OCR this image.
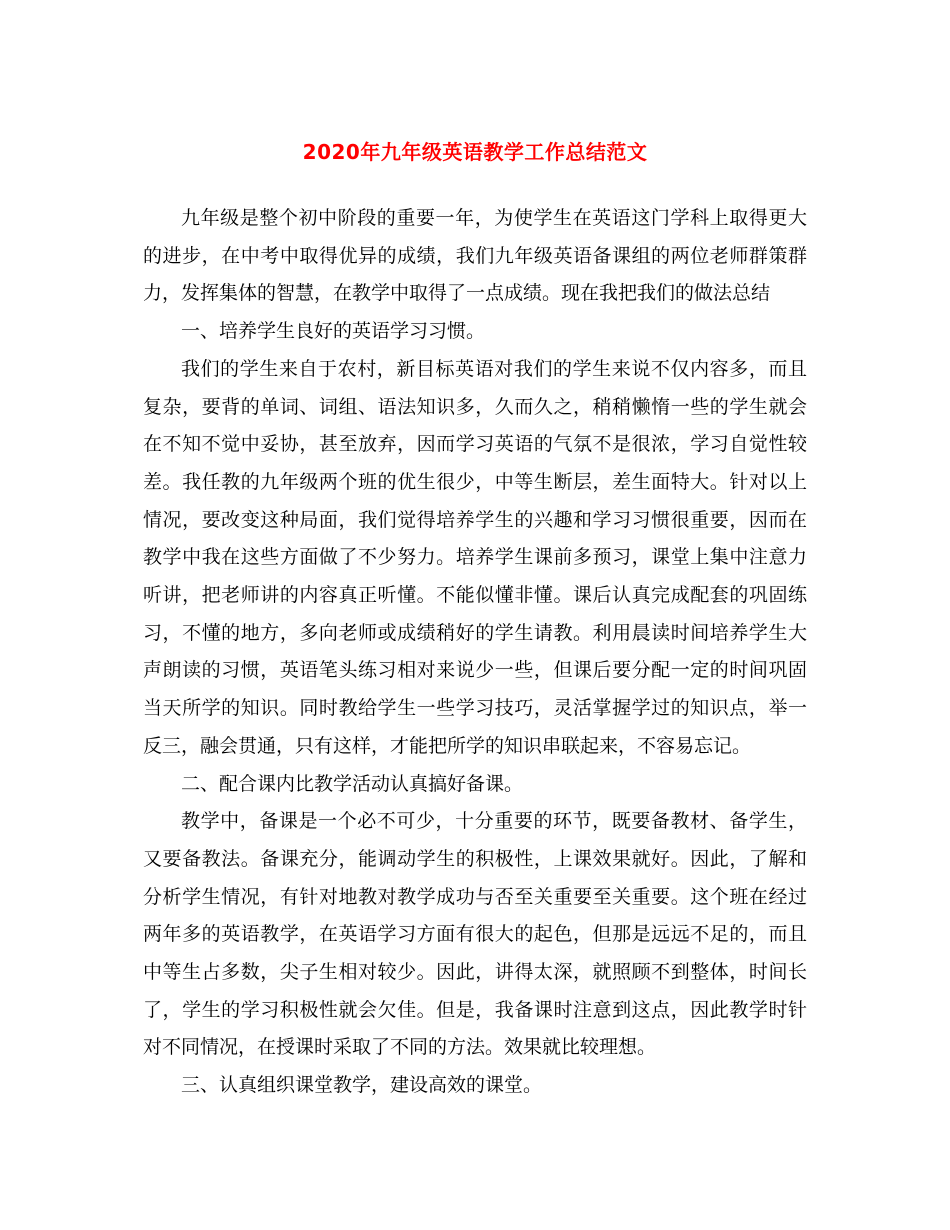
2020年九年级英语教学工作总结范文

九年级是整个初中阶段的重要一年，为使学生在英语这门学科上取得更大的进步，在中考中取得优异的成绩，我们九年级英语备课组的两位老师群策群力，发挥集体的智慧，在教学中取得了一点成绩。现在我把我们的做法总结

一、培养学生良好的英语学习习惯。

我们的学生来自于农村，新目标英语对我们的学生来说不仅内容多，而且复杂，要背的单词、词组、语法知识多，久而久之，稍稍懒惰一些的学生就会在不知不觉中妥协，甚至放弃，因而学习英语的气氛不是很浓，学习自觉性较差。我任教的九年级两个班的优生很少，中等生断层，差生面特大。针对以上情况，要改变这种局面，我们觉得培养学生的兴趣和学习习惯很重要，因而在教学中我在这些方面做了不少努力。培养学生课前多预习，课堂上集中注意力听讲，把老师讲的内容真正听懂。不能似懂非懂。课后认真完成配套的巩固练习，不懂的地方，多向老师或成绩稍好的学生请教。利用晨读时间培养学生大声朗读的习惯，英语笔头练习相对来说少一些，但课后要分配一定的时间巩固当天所学的知识。同时教给学生一些学习技巧，灵活掌握学过的知识点，举一反三，融会贯通，只有这样，才能把所学的知识串联起来，不容易忘记。

二、配合课内比教学活动认真搞好备课。

教学中，备课是一个必不可少，十分重要的环节，既要备教材、备学生，又要备教法。备课充分，能调动学生的积极性，上课效果就好。因此，了解和分析学生情况，有针对地教对教学成功与否至关重要至关重要。这个班在经过两年多的英语教学，在英语学习方面有很大的起色，但那是远远不足的，而且中等生占多数，尖子生相对较少。因此，讲得太深，就照顾不到整体，时间长了，学生的学习积极性就会欠佳。但是，我备课时注意到这点，因此教学时针对不同情况，在授课时采取了不同的方法。效果就比较理想。

三、认真组织课堂教学，建设高效的课堂。
